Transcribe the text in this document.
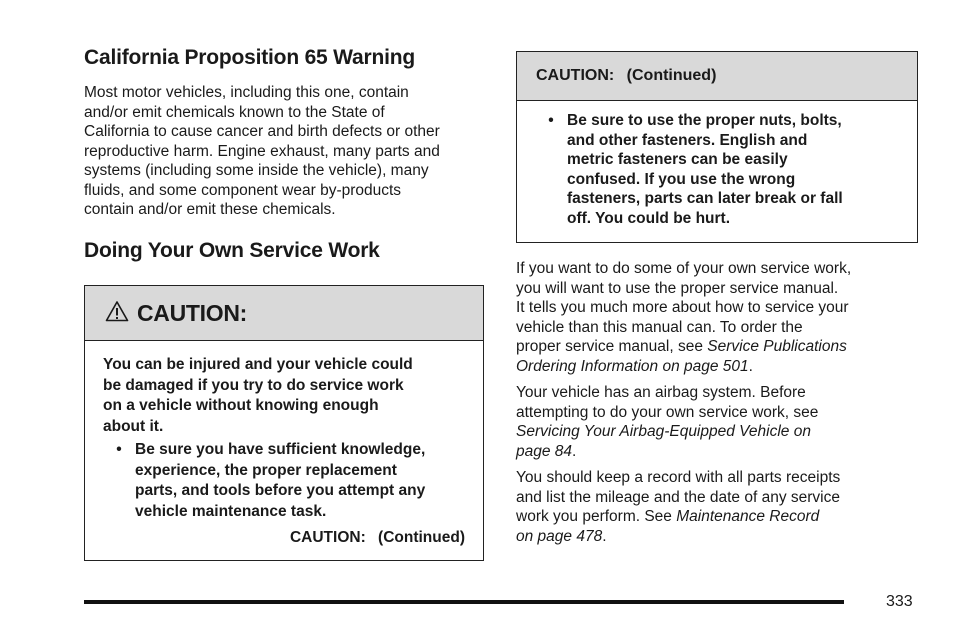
California Proposition 65 Warning
Most motor vehicles, including this one, contain
and/or emit chemicals known to the State of
California to cause cancer and birth defects or other
reproductive harm. Engine exhaust, many parts and
systems (including some inside the vehicle), many
fluids, and some component wear by-products
contain and/or emit these chemicals.
Doing Your Own Service Work
CAUTION:

You can be injured and your vehicle could

be damaged if you try to do service work

on a vehicle without knowing enough

about it.

• Be sure you have sufficient knowledge,

experience, the proper replacement

parts, and tools before you attempt any

vehicle maintenance task.

CAUTION: (Continued)
CAUTION: (Continued)
• Be sure to use the proper nuts, bolts,

and other fasteners. English and

metric fasteners can be easily

confused. If you use the wrong

fasteners, parts can later break or fall

off. You could be hurt.

If you want to do some of your own service work,
you will want to use the proper service manual.
It tells you much more about how to service your
vehicle than this manual can. To order the
proper service manual, see Service Publications
Ordering Information on page 501.
Your vehicle has an airbag system. Before
attempting to do your own service work, see
Servicing Your Airbag-Equipped Vehicle on
page 84.
You should keep a record with all parts receipts
and list the mileage and the date of any service
work you perform. See Maintenance Record
on page 478.
333
